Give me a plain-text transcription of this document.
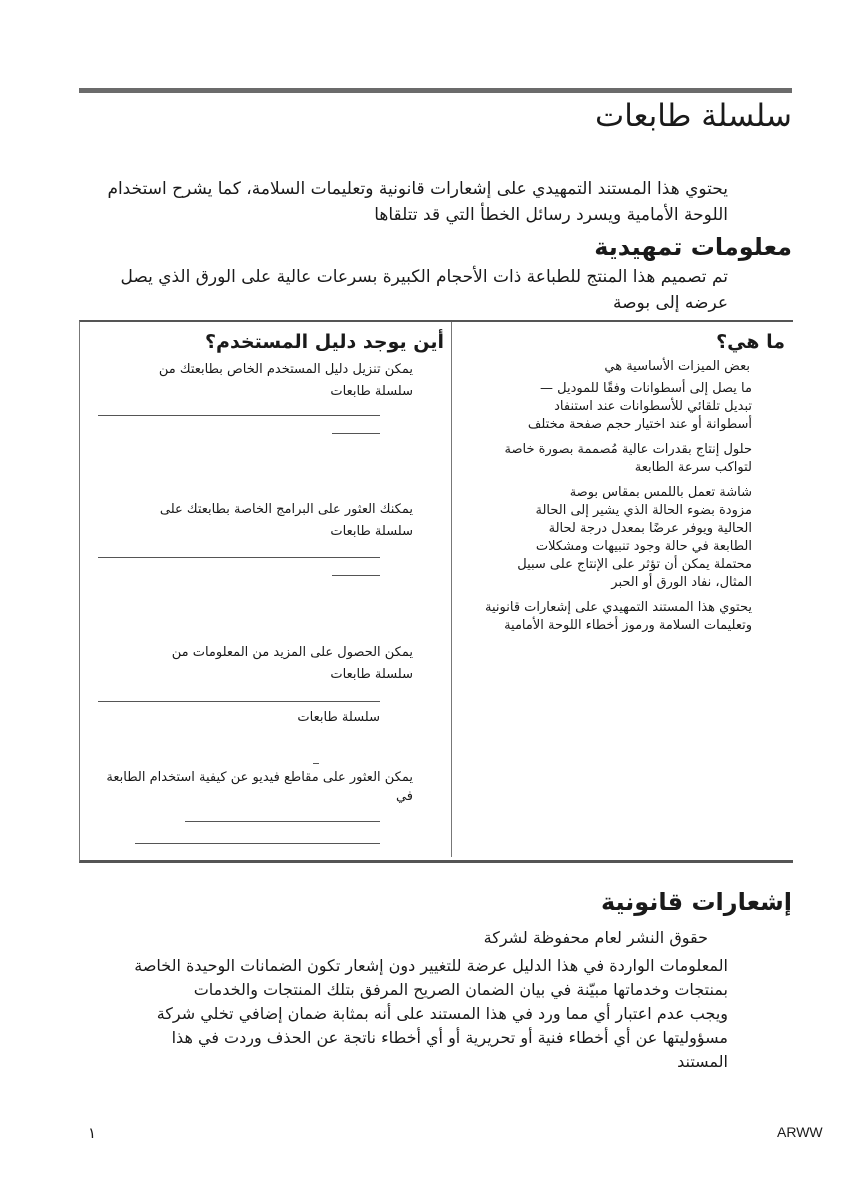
سلسلة طابعات

يحتوي هذا المستند التمهيدي على إشعارات قانونية وتعليمات السلامة، كما يشرح استخدام
اللوحة الأمامية ويسرد رسائل الخطأ التي قد تتلقاها

معلومات تمهيدية

تم تصميم هذا المنتج للطباعة ذات الأحجام الكبيرة بسرعات عالية على الورق الذي يصل
عرضه إلى بوصة

ما هي؟
بعض الميزات الأساسية هي
ما يصل إلى أسطوانات وفقًا للموديل —
تبديل تلقائي للأسطوانات عند استنفاد
أسطوانة أو عند اختيار حجم صفحة مختلف
حلول إنتاج بقدرات عالية مُصممة بصورة خاصة
لتواكب سرعة الطابعة
شاشة تعمل باللمس بمقاس بوصة
مزودة بضوء الحالة الذي يشير إلى الحالة
الحالية ويوفر عرضًا بمعدل درجة لحالة
الطابعة في حالة وجود تنبيهات ومشكلات
محتملة يمكن أن تؤثر على الإنتاج على سبيل
المثال، نفاد الورق أو الحبر
يحتوي هذا المستند التمهيدي على إشعارات قانونية
وتعليمات السلامة ورموز أخطاء اللوحة الأمامية
أين يوجد دليل المستخدم؟
يمكن تنزيل دليل المستخدم الخاص بطابعتك من
سلسلة طابعات
يمكنك العثور على البرامج الخاصة بطابعتك على
سلسلة طابعات
يمكن الحصول على المزيد من المعلومات من
سلسلة طابعات
سلسلة طابعات
يمكن العثور على مقاطع فيديو عن كيفية استخدام الطابعة
في
إشعارات قانونية
حقوق النشر لعام محفوظة لشركة
المعلومات الواردة في هذا الدليل عرضة للتغيير دون إشعار تكون الضمانات الوحيدة الخاصة
بمنتجات وخدماتها مبيّنة في بيان الضمان الصريح المرفق بتلك المنتجات والخدمات
ويجب عدم اعتبار أي مما ورد في هذا المستند على أنه بمثابة ضمان إضافي تخلي شركة
مسؤوليتها عن أي أخطاء فنية أو تحريرية أو أي أخطاء ناتجة عن الحذف وردت في هذا
المستند
١	ARWW
